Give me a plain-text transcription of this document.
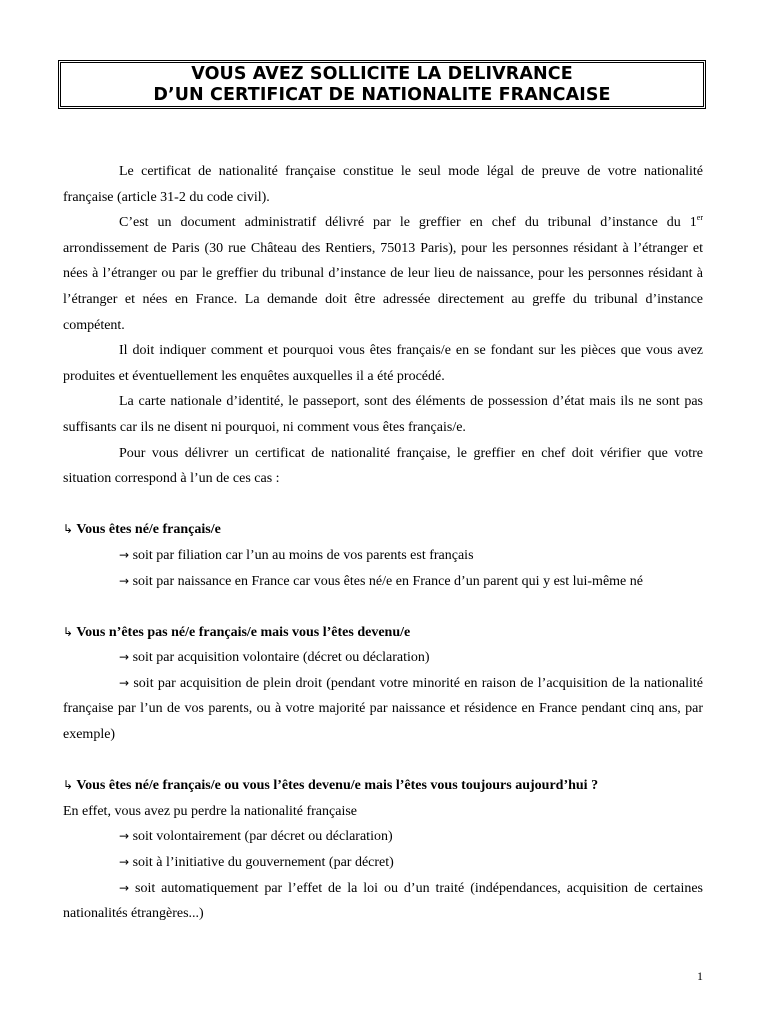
VOUS AVEZ SOLLICITE LA DELIVRANCE
D’UN CERTIFICAT DE NATIONALITE FRANCAISE

Le certificat de nationalité française constitue le seul mode légal de preuve de votre nationalité française (article 31-2 du code civil).

C’est un document administratif délivré par le greffier en chef du tribunal d’instance du 1er arrondissement de Paris (30 rue Château des Rentiers, 75013 Paris), pour les personnes résidant à l’étranger et nées à l’étranger ou par le greffier du tribunal d’instance de leur lieu de naissance, pour les personnes résidant à l’étranger et nées en France. La demande doit être adressée directement au greffe du tribunal d’instance compétent.

Il doit indiquer comment et pourquoi vous êtes français/e en se fondant sur les pièces que vous avez produites et éventuellement les enquêtes auxquelles il a été procédé.

La carte nationale d’identité, le passeport, sont des éléments de possession d’état mais ils ne sont pas suffisants car ils ne disent ni pourquoi, ni comment vous êtes français/e.

Pour vous délivrer un certificat de nationalité française, le greffier en chef doit vérifier que votre situation correspond à l’un de ces cas :

↳ Vous êtes né/e français/e

→ soit par filiation car l’un au moins de vos parents est français

→ soit par naissance en France car vous êtes né/e en France d’un parent qui y est lui-même né

↳ Vous n’êtes pas né/e français/e mais vous l’êtes devenu/e

→ soit par acquisition volontaire (décret ou déclaration)

→ soit par acquisition de plein droit (pendant votre minorité en raison de l’acquisition de la nationalité française par l’un de vos parents, ou à votre majorité par naissance et résidence en France pendant cinq ans, par exemple)

↳ Vous êtes né/e français/e ou vous l’êtes devenu/e mais l’êtes vous toujours aujourd’hui ?

En effet, vous avez pu perdre la nationalité française

→ soit volontairement (par décret ou déclaration)

→ soit à l’initiative du gouvernement (par décret)

→ soit automatiquement par l’effet de la loi ou d’un traité (indépendances, acquisition de certaines nationalités étrangères...)

1
